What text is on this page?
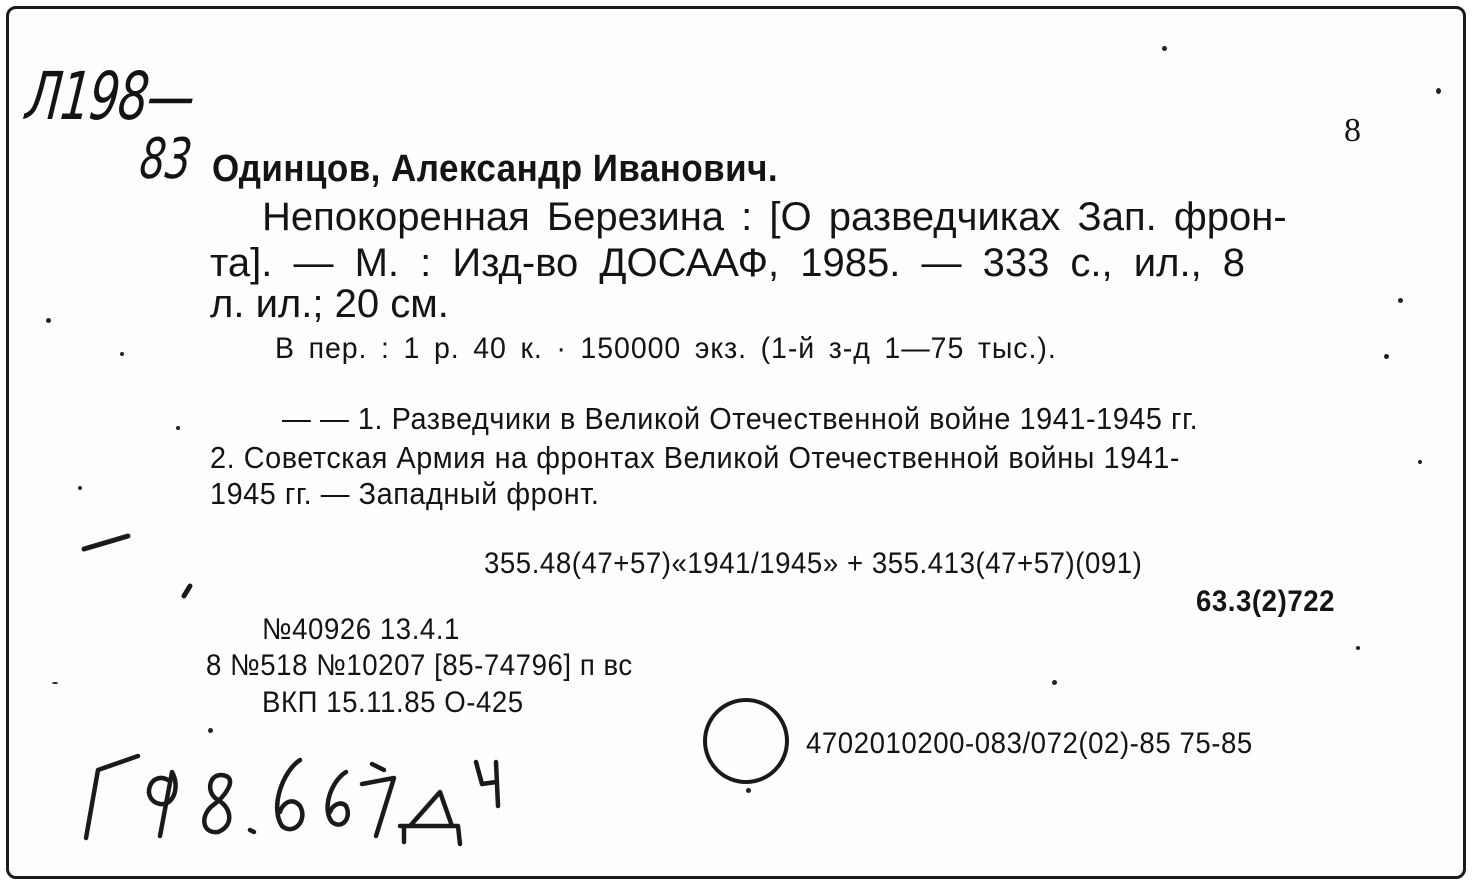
Л198—

83	8

Одинцов, Александр Иванович.

Непокоренная Березина : [О разведчиках Зап. фрон-

та]. — М. : Изд-во ДОСААФ, 1985. — 333 с., ил., 8

л. ил.; 20 см.

В пер. : 1 р. 40 к. · 150000 экз. (1-й з-д 1—75 тыс.).

— — 1. Разведчики в Великой Отечественной войне 1941-1945 гг.

2. Советская Армия на фронтах Великой Отечественной войны 1941-

1945 гг. — Западный фронт.

355.48(47+57)«1941/1945» + 355.413(47+57)(091)

63.3(2)722

№40926 13.4.1

8 №518 №10207 [85-74796] п вс

ВКП 15.11.85 О-425

4702010200-083/072(02)-85 75-85
